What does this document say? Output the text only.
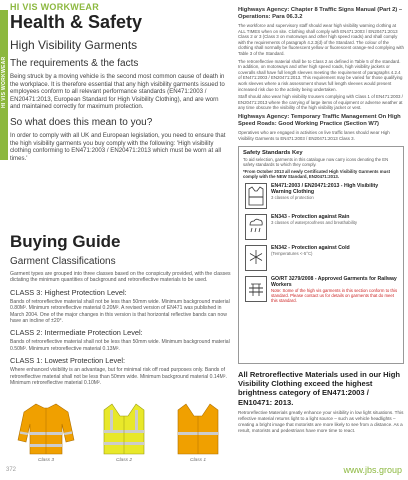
HI VIS WORKWEAR
HI VIS WORKWEAR
Health & Safety
High Visibility Garments
The requirements & the facts
Being struck by a moving vehicle is the second most common cause of death in the workplace. It is therefore essential that any high visibility garments issued to employees conform to all relevant performance standards (EN471:2003 / EN20471:2013, European Standard for High Visibility Clothing), and are worn and maintained correctly for maximum protection.
So what does this mean to you?
In order to comply with all UK and European legislation, you need to ensure that the high visibility garments you buy comply with the following: 'High visibility clothing conforming to EN471:2003 / EN20471:2013 which must be worn at all times.'
Buying Guide
Garment Classifications
Garment types are grouped into three classes based on the conspicuity provided, with the classes dictating the minimum quantities of background and retroreflective materials to be used.
CLASS 3: Highest Protection Level:
Bands of retroreflective material shall not be less than 50mm wide. Minimum background material 0.80M². Minimum retroreflective material 0.20M². A revised version of EN471 was published in March 2004. One of the major changes in this version is that horizontal reflective bands can now have an incline of ±20°.
CLASS 2: Intermediate Protection Level:
Bands of retroreflective material shall not be less than 50mm wide. Minimum background material 0.50M². Minimum retroreflective material 0.13M².
CLASS 1: Lowest Protection Level:
Where enhanced visibility is an advantage, but for minimal risk off road purposes only. Bands of retroreflective material shall not be less than 50mm wide. Minimum background material 0.14M². Minimum retroreflective material 0.10M².
Class 3	Class 2	Class 1
Highways Agency: Chapter 8 Traffic Signs Manual (Part 2) – Operations: Para 06.3.2
The workforce and supervisory staff should wear high visibility warning clothing at ALL TIMES when on site. Clothing shall comply with EN471:2003 / EN20471:2013 Class 2 or 3 (Class 3 on motorways and other high speed roads) and shall comply with the requirements of paragraph 4.2.3(d) of the Standard. The colour of the clothing shall normally be fluorescent yellow or fluorescent orange-red complying with Table 3 of the Standard.
The retroreflective material shall be to Class 2 as defined in Table 5 of the standard. In addition, on motorways and other high speed roads, high visibility jackets or coveralls shall have full length sleeves meeting the requirement of paragraphs 4.2.4 of EN471:2003 / EN20471:2013. This requirement may be varied for those qualifying work sleeves where a risk assessment shows full length sleeves would present increased risk due to the activity being undertaken.
Staff should also wear high visibility trousers complying with Class 1 of EN471:2003 / EN20471:2013 where the carrying of large items of equipment or adverse weather at any time obscure the visibility of the high visibility jacket or vest.
Highways Agency: Temporary Traffic Management On High Speed Roads: Good Working Practice (Section W7)
Operatives who are engaged in activities on live traffic lanes should wear High Visibility Garments to EN471:2003 / EN20471:2013 Class 3.
Safety Standards Key
To aid selection, garments in this catalogue now carry icons denoting the EN safety standards to which they comply.
*From October 2013 all newly Certificated High Visibility Garments must comply with the NEW Standard, EN20471:2013.
EN471:2003 / EN20471:2013 - High Visibility Warning Clothing
3 classes of protection
EN343 - Protection against Rain
3 classes of waterproofness and breathability
EN342 - Protection against Cold
(Temperatures <-5°C)
GO/RT 3279/2008 - Approved Garments for Railway Workers
Note: Some of the high vis garments in this section conform to this standard. Please contact us for details on garments that do meet this standard.
All Retroreflective Materials used in our High Visibility Clothing exceed the highest brightness category of EN471:2003 / EN10471: 2013.
Retroreflective Materials greatly enhance your visibility in low light situations. This reflective material returns light to a light source – such as vehicle headlights – creating a bright image that motorists are more likely to see from a distance. As a result, motorists and pedestrians have more time to react.
372	www.jbs.group
